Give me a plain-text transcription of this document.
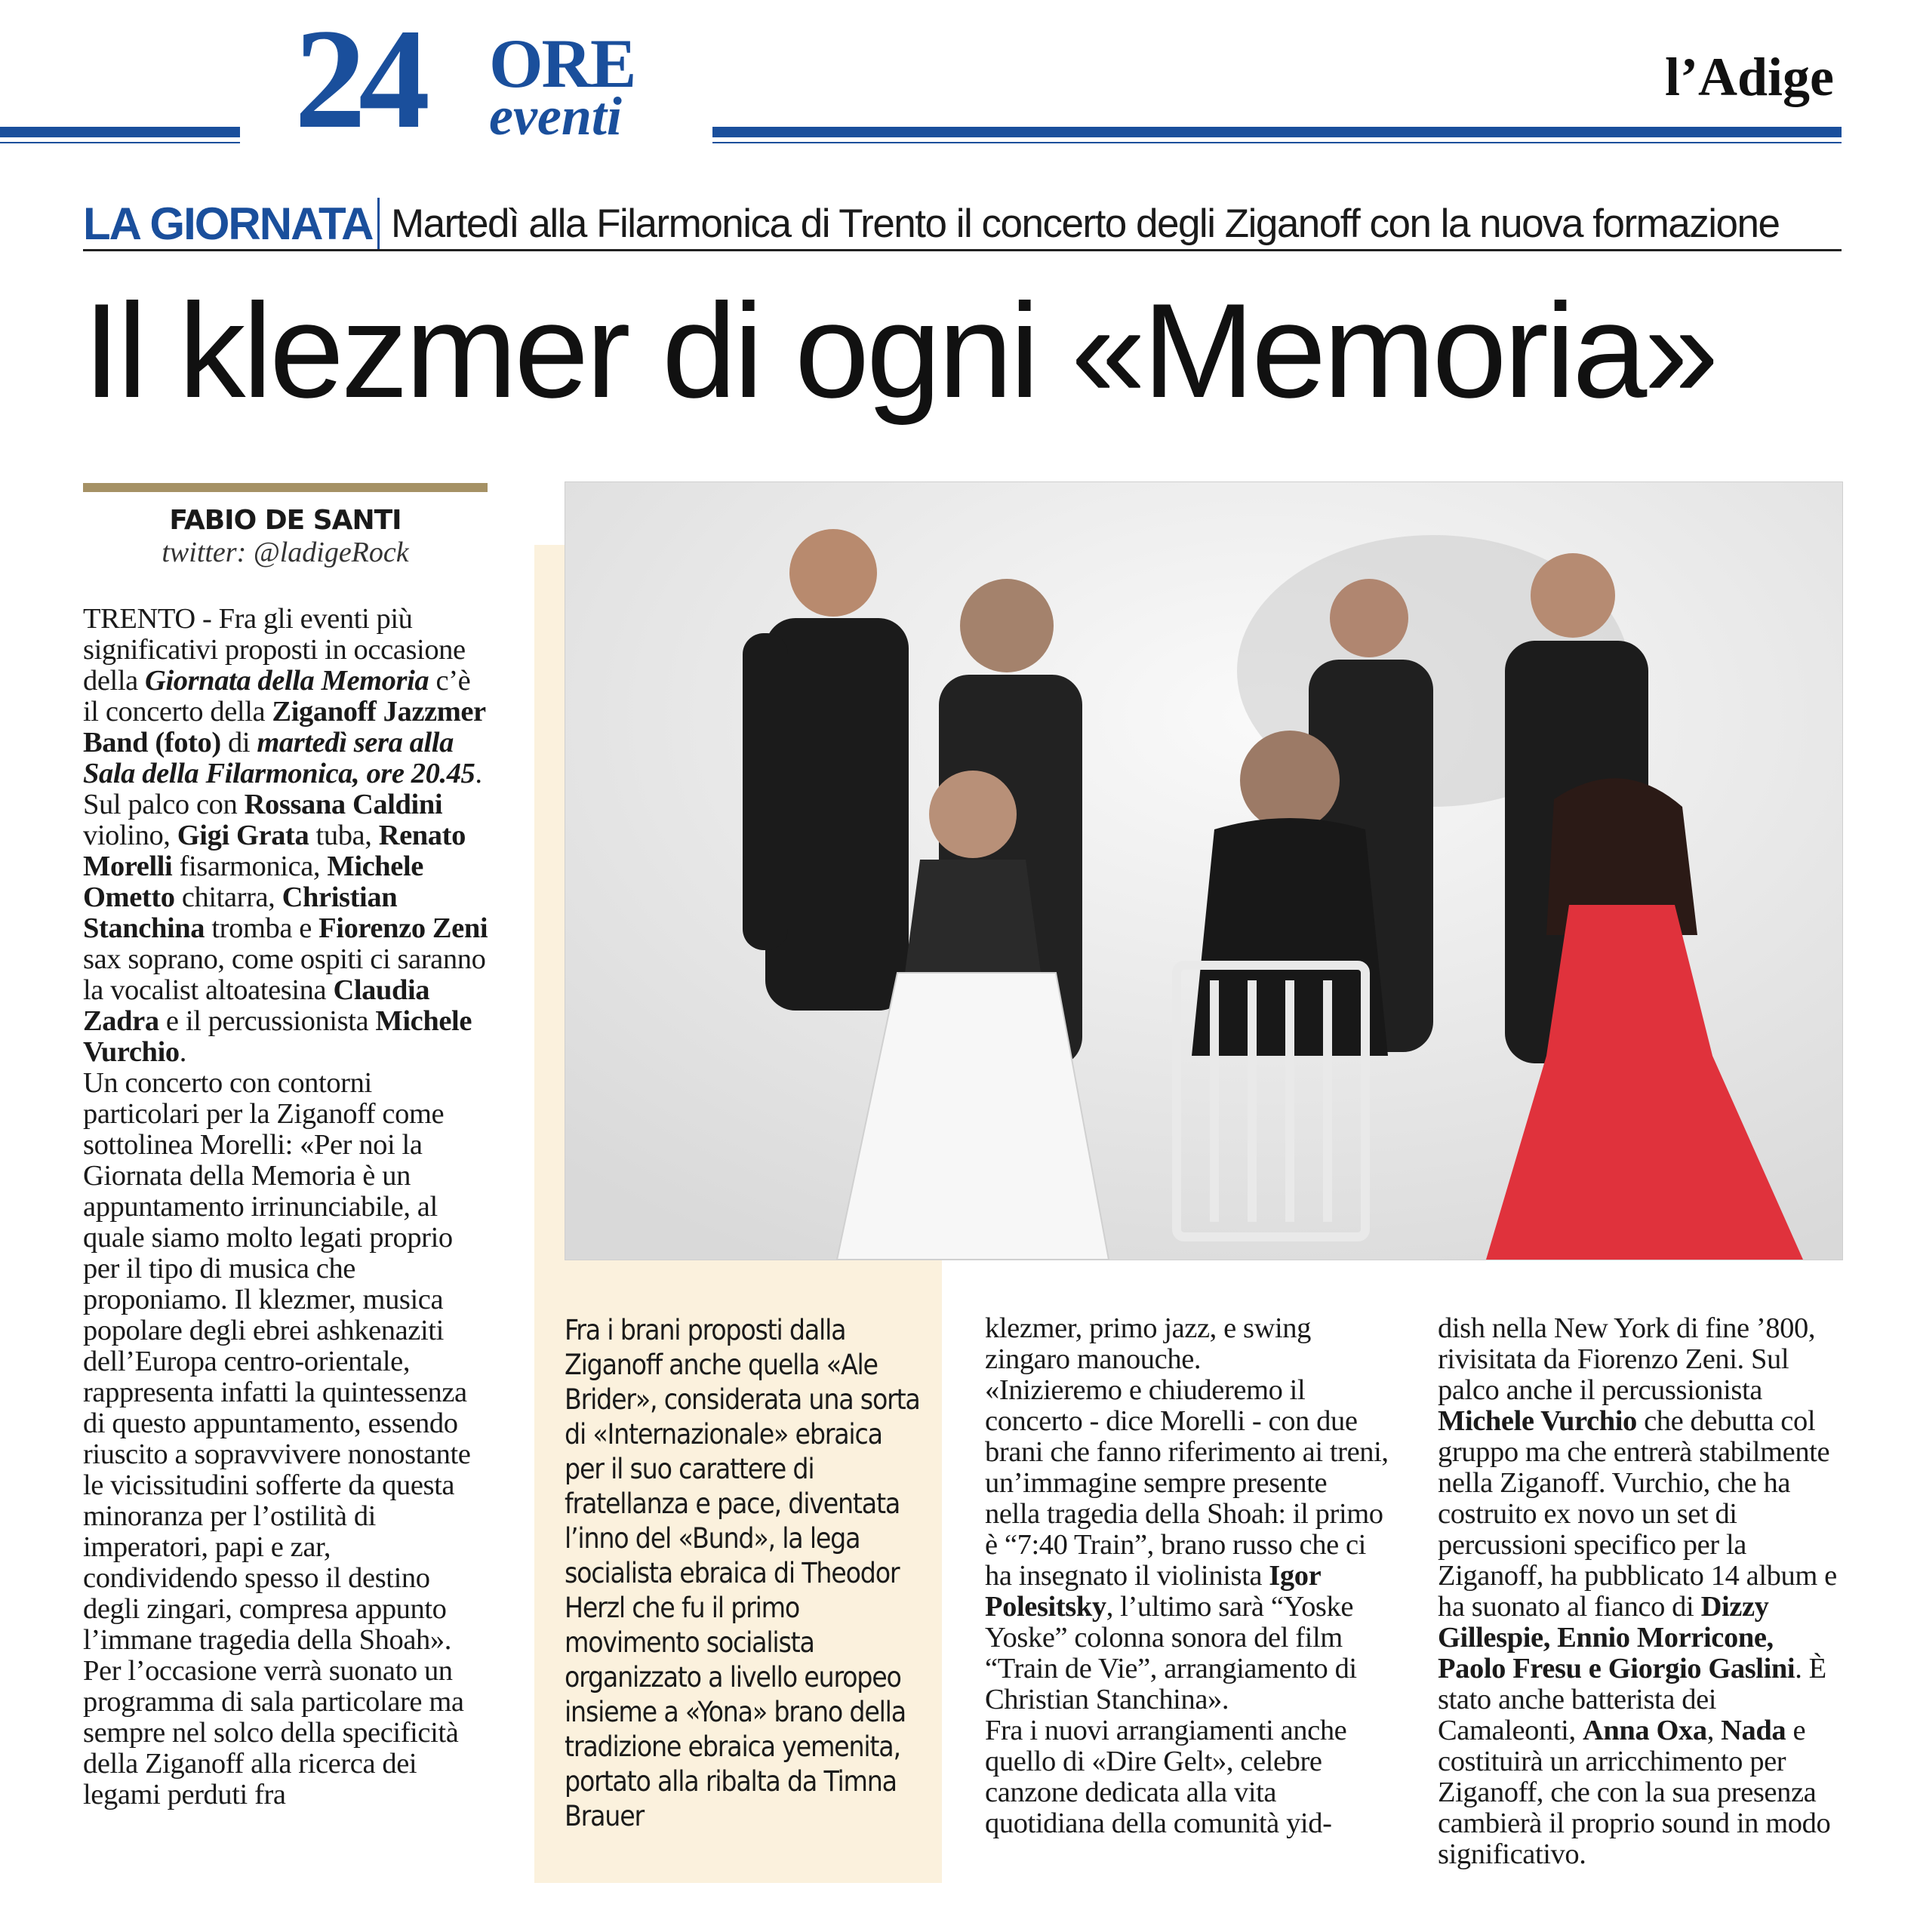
24 ORE
eventi
l’Adige
LA GIORNATA Martedì alla Filarmonica di Trento il concerto degli Ziganoff con la nuova formazione
Il klezmer di ogni «Memoria»
FABIO DE SANTI
twitter: @ladigeRock

TRENTO - Fra gli eventi più significativi proposti in occasione della Giornata della Memoria c’è il concerto della Ziganoff Jazzmer Band (foto) di martedì sera alla Sala della Filarmonica, ore 20.45. Sul palco con Rossana Caldini violino, Gigi Grata tuba, Renato Morelli fisarmonica, Michele Ometto chitarra, Christian Stanchina tromba e Fiorenzo Zeni sax soprano, come ospiti ci saranno la vocalist altoatesina Claudia Zadra e il percussionista Michele Vurchio.

Un concerto con contorni particolari per la Ziganoff come sottolinea Morelli: «Per noi la Giornata della Memoria è un appuntamento irrinunciabile, al quale siamo molto legati proprio per il tipo di musica che proponiamo. Il klezmer, musica popolare degli ebrei ashkenaziti dell’Europa centro-orientale, rappresenta infatti la quintessenza di questo appuntamento, essendo riuscito a sopravvivere nonostante le vicissitudini sofferte da questa minoranza per l’ostilità di imperatori, papi e zar, condividendo spesso il destino degli zingari, compresa appunto l’immane tragedia della Shoah».

Per l’occasione verrà suonato un programma di sala particolare ma sempre nel solco della specificità della Ziganoff alla ricerca dei legami perduti fra

Fra i brani proposti dalla Ziganoff anche quella «Ale Brider», considerata una sorta di «Internazionale» ebraica per il suo carattere di fratellanza e pace, diventata l’inno del «Bund», la lega socialista ebraica di Theodor Herzl che fu il primo movimento socialista organizzato a livello europeo insieme a «Yona» brano della tradizione ebraica yemenita, portato alla ribalta da Timna Brauer

klezmer, primo jazz, e swing zingaro manouche.

«Inizieremo e chiuderemo il concerto - dice Morelli - con due brani che fanno riferimento ai treni, un’immagine sempre presente nella tragedia della Shoah: il primo è “7:40 Train”, brano russo che ci ha insegnato il violinista Igor Polesitsky, l’ultimo sarà “Yoske Yoske” colonna sonora del film “Train de Vie”, arrangiamento di Christian Stanchina».

Fra i nuovi arrangiamenti anche quello di «Dire Gelt», celebre canzone dedicata alla vita quotidiana della comunità yid-

dish nella New York di fine ’800, rivisitata da Fiorenzo Zeni. Sul palco anche il percussionista Michele Vurchio che debutta col gruppo ma che entrerà stabilmente nella Ziganoff. Vurchio, che ha costruito ex novo un set di percussioni specifico per la Ziganoff, ha pubblicato 14 album e ha suonato al fianco di Dizzy Gillespie, Ennio Morricone, Paolo Fresu e Giorgio Gaslini. È stato anche batterista dei Camaleonti, Anna Oxa, Nada e costituirà un arricchimento per Ziganoff, che con la sua presenza cambierà il proprio sound in modo significativo.
